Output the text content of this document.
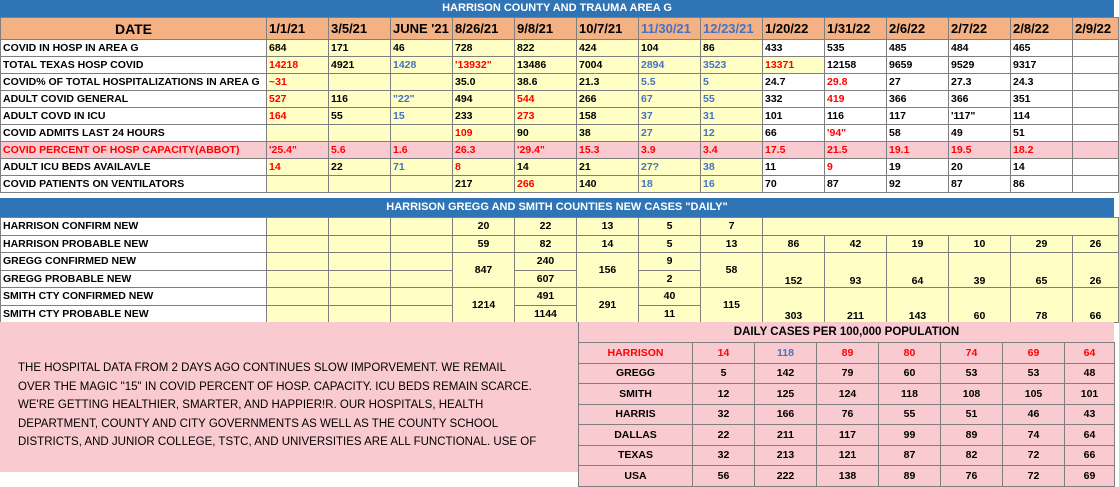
HARRISON COUNTY AND TRAUMA AREA G
DATE	1/1/21	3/5/21	JUNE '21	8/26/21	9/8/21	10/7/21	11/30/21	12/23/21	1/20/22	1/31/22	2/6/22	2/7/22	2/8/22	2/9/22
COVID IN HOSP IN AREA G	684	171	46	728	822	424	104	86	433	535	485	484	465	
TOTAL TEXAS HOSP COVID	14218	4921	1428	'13932"	13486	7004	2894	3523	13371	12158	9659	9529	9317	
COVID% OF TOTAL HOSPITALIZATIONS IN AREA G	~31			35.0	38.6	21.3	5.5	5	24.7	29.8	27	27.3	24.3	
ADULT COVID GENERAL	527	116	"22"	494	544	266	67	55	332	419	366	366	351	
ADULT COVD IN ICU	164	55	15	233	273	158	37	31	101	116	117	'117"	114	
COVID ADMITS LAST 24 HOURS				109	90	38	27	12	66	'94"	58	49	51	
COVID PERCENT OF HOSP CAPACITY(ABBOT)	'25.4"	5.6	1.6	26.3	'29.4"	15.3	3.9	3.4	17.5	21.5	19.1	19.5	18.2	
ADULT ICU BEDS AVAILAVLE	14	22	71	8	14	21	27?	38	11	9	19	20	14	
COVID PATIENTS ON VENTILATORS				217	266	140	18	16	70	87	92	87	86	
HARRISON GREGG AND SMITH COUNTIES NEW CASES "DAILY"
HARRISON CONFIRM NEW				20	22	13	5	7						
HARRISON PROBABLE NEW				59	82	14	5	13	86	42	19	10	29	26
GREGG CONFIRMED NEW				847	240	156	9	58	152	93	64	39	65	26
GREGG PROBABLE NEW					607		2							
SMITH CTY CONFIRMED NEW				1214	491	291	40	115	303	211	143	60	78	66
SMITH CTY PROBABLE NEW					1144		11							
THE HOSPITAL DATA FROM 2 DAYS AGO CONTINUES SLOW IMPORVEMENT. WE REMAIL
OVER THE MAGIC "15" IN COVID PERCENT OF HOSP. CAPACITY. ICU BEDS REMAIN SCARCE.
WE'RE GETTING HEALTHIER, SMARTER, AND HAPPIER!R. OUR HOSPITALS, HEALTH
DEPARTMENT, COUNTY AND CITY GOVERNMENTS AS WELL AS THE COUNTY SCHOOL
DISTRICTS, AND JUNIOR COLLEGE, TSTC, AND UNIVERSITIES ARE ALL FUNCTIONAL. USE OF
DAILY CASES PER 100,000 POPULATION
HARRISON	14	118	89	80	74	69	64
GREGG	5	142	79	60	53	53	48
SMITH	12	125	124	118	108	105	101
HARRIS	32	166	76	55	51	46	43
DALLAS	22	211	117	99	89	74	64
TEXAS	32	213	121	87	82	72	66
USA	56	222	138	89	76	72	69
